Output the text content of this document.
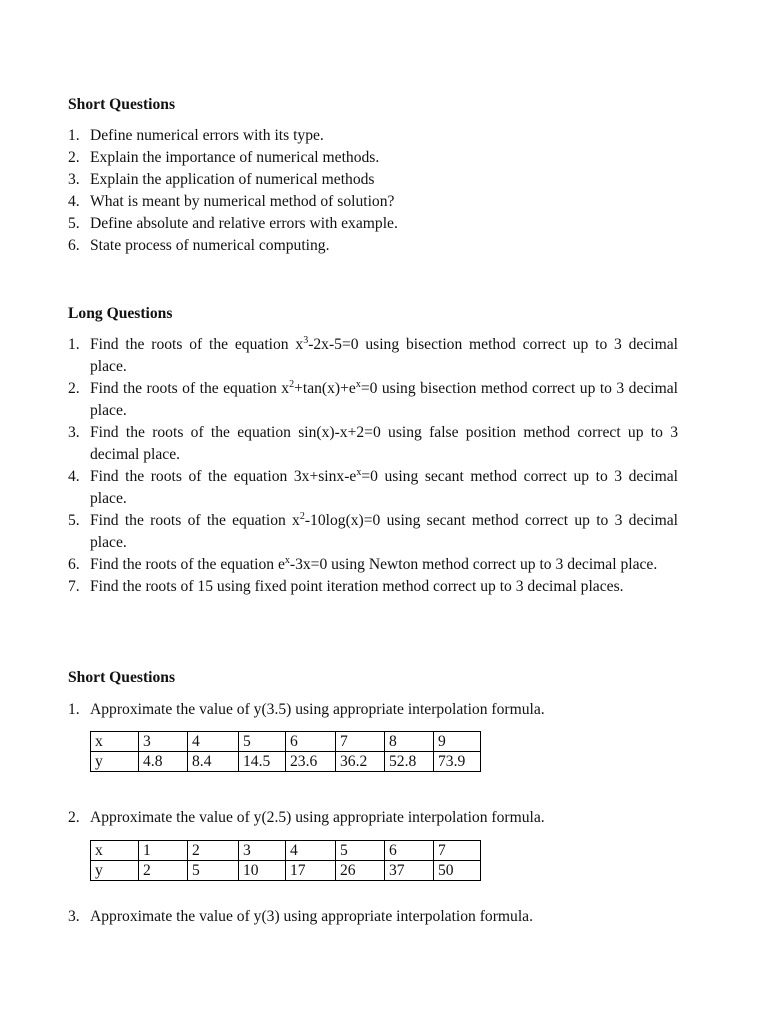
Short Questions
1. Define numerical errors with its type.
2. Explain the importance of numerical methods.
3. Explain the application of numerical methods
4. What is meant by numerical method of solution?
5. Define absolute and relative errors with example.
6. State process of numerical computing.
Long Questions
1. Find the roots of the equation $x^3-2x-5=0$ using bisection method correct up to 3 decimal place.
2. Find the roots of the equation $x^2+\tan(x)+e^x=0$ using bisection method correct up to 3 decimal place.
3. Find the roots of the equation sin(x)-x+2=0 using false position method correct up to 3 decimal place.
4. Find the roots of the equation $3x+\sin x-e^x=0$ using secant method correct up to 3 decimal place.
5. Find the roots of the equation $x^2-10\log(x)=0$ using secant method correct up to 3 decimal place.
6. Find the roots of the equation $e^x-3x=0$ using Newton method correct up to 3 decimal place.
7. Find the roots of 15 using fixed point iteration method correct up to 3 decimal places.
Short Questions
1. Approximate the value of y(3.5) using appropriate interpolation formula.
x	3	4	5	6	7	8	9
y	4.8	8.4	14.5	23.6	36.2	52.8	73.9
2. Approximate the value of y(2.5) using appropriate interpolation formula.
x	1	2	3	4	5	6	7
y	2	5	10	17	26	37	50
3. Approximate the value of y(3) using appropriate interpolation formula.
